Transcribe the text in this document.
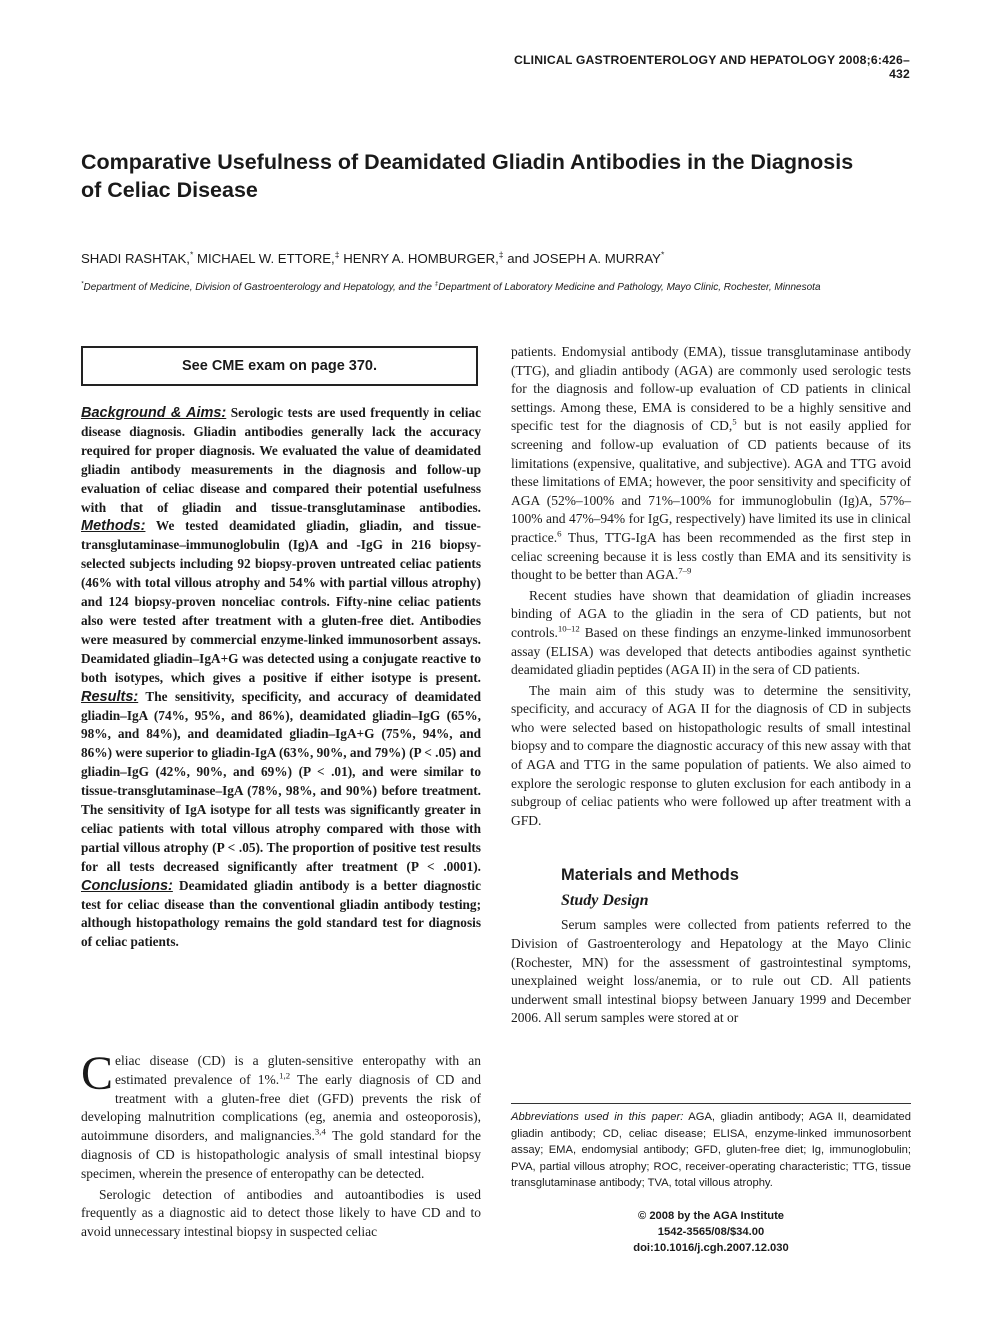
CLINICAL GASTROENTEROLOGY AND HEPATOLOGY 2008;6:426–432
Comparative Usefulness of Deamidated Gliadin Antibodies in the Diagnosis of Celiac Disease
SHADI RASHTAK,* MICHAEL W. ETTORE,‡ HENRY A. HOMBURGER,‡ and JOSEPH A. MURRAY*
*Department of Medicine, Division of Gastroenterology and Hepatology, and the ‡Department of Laboratory Medicine and Pathology, Mayo Clinic, Rochester, Minnesota
See CME exam on page 370.

Background & Aims: Serologic tests are used frequently in celiac disease diagnosis. Gliadin antibodies generally lack the accuracy required for proper diagnosis. We evaluated the value of deamidated gliadin antibody measurements in the diagnosis and follow-up evaluation of celiac disease and compared their potential usefulness with that of gliadin and tissue-transglutaminase antibodies. Methods: We tested deamidated gliadin, gliadin, and tissue-transglutaminase–immunoglobulin (Ig)A and -IgG in 216 biopsy-selected subjects including 92 biopsy-proven untreated celiac patients (46% with total villous atrophy and 54% with partial villous atrophy) and 124 biopsy-proven nonceliac controls. Fifty-nine celiac patients also were tested after treatment with a gluten-free diet. Antibodies were measured by commercial enzyme-linked immunosorbent assays. Deamidated gliadin–IgA+G was detected using a conjugate reactive to both isotypes, which gives a positive if either isotype is present. Results: The sensitivity, specificity, and accuracy of deamidated gliadin–IgA (74%, 95%, and 86%), deamidated gliadin–IgG (65%, 98%, and 84%), and deamidated gliadin–IgA+G (75%, 94%, and 86%) were superior to gliadin-IgA (63%, 90%, and 79%) (P < .05) and gliadin–IgG (42%, 90%, and 69%) (P < .01), and were similar to tissue-transglutaminase–IgA (78%, 98%, and 90%) before treatment. The sensitivity of IgA isotype for all tests was significantly greater in celiac patients with total villous atrophy compared with those with partial villous atrophy (P < .05). The proportion of positive test results for all tests decreased significantly after treatment (P < .0001). Conclusions: Deamidated gliadin antibody is a better diagnostic test for celiac disease than the conventional gliadin antibody testing; although histopathology remains the gold standard test for diagnosis of celiac patients.

Celiac disease (CD) is a gluten-sensitive enteropathy with an estimated prevalence of 1%.$^{1,2}$ The early diagnosis of CD and treatment with a gluten-free diet (GFD) prevents the risk of developing malnutrition complications (eg, anemia and osteoporosis), autoimmune disorders, and malignancies.$^{3,4}$ The gold standard for the diagnosis of CD is histopathologic analysis of small intestinal biopsy specimen, wherein the presence of enteropathy can be detected.

Serologic detection of antibodies and autoantibodies is used frequently as a diagnostic aid to detect those likely to have CD and to avoid unnecessary intestinal biopsy in suspected celiac

patients. Endomysial antibody (EMA), tissue transglutaminase antibody (TTG), and gliadin antibody (AGA) are commonly used serologic tests for the diagnosis and follow-up evaluation of CD patients in clinical settings. Among these, EMA is considered to be a highly sensitive and specific test for the diagnosis of CD,$^5$ but is not easily applied for screening and follow-up evaluation of CD patients because of its limitations (expensive, qualitative, and subjective). AGA and TTG avoid these limitations of EMA; however, the poor sensitivity and specificity of AGA (52%–100% and 71%–100% for immunoglobulin (Ig)A, 57%–100% and 47%–94% for IgG, respectively) have limited its use in clinical practice.$^6$ Thus, TTG-IgA has been recommended as the first step in celiac screening because it is less costly than EMA and its sensitivity is thought to be better than AGA.$^{7-9}$

Recent studies have shown that deamidation of gliadin increases binding of AGA to the gliadin in the sera of CD patients, but not controls.$^{10-12}$ Based on these findings an enzyme-linked immunosorbent assay (ELISA) was developed that detects antibodies against synthetic deamidated gliadin peptides (AGA II) in the sera of CD patients.

The main aim of this study was to determine the sensitivity, specificity, and accuracy of AGA II for the diagnosis of CD in subjects who were selected based on histopathologic results of small intestinal biopsy and to compare the diagnostic accuracy of this new assay with that of AGA and TTG in the same population of patients. We also aimed to explore the serologic response to gluten exclusion for each antibody in a subgroup of celiac patients who were followed up after treatment with a GFD.

Materials and Methods
Study Design

Serum samples were collected from patients referred to the Division of Gastroenterology and Hepatology at the Mayo Clinic (Rochester, MN) for the assessment of gastrointestinal symptoms, unexplained weight loss/anemia, or to rule out CD. All patients underwent small intestinal biopsy between January 1999 and December 2006. All serum samples were stored at or

Abbreviations used in this paper: AGA, gliadin antibody; AGA II, deamidated gliadin antibody; CD, celiac disease; ELISA, enzyme-linked immunosorbent assay; EMA, endomysial antibody; GFD, gluten-free diet; Ig, immunoglobulin; PVA, partial villous atrophy; ROC, receiver-operating characteristic; TTG, tissue transglutaminase antibody; TVA, total villous atrophy.
© 2008 by the AGA Institute
1542-3565/08/$34.00
doi:10.1016/j.cgh.2007.12.030
